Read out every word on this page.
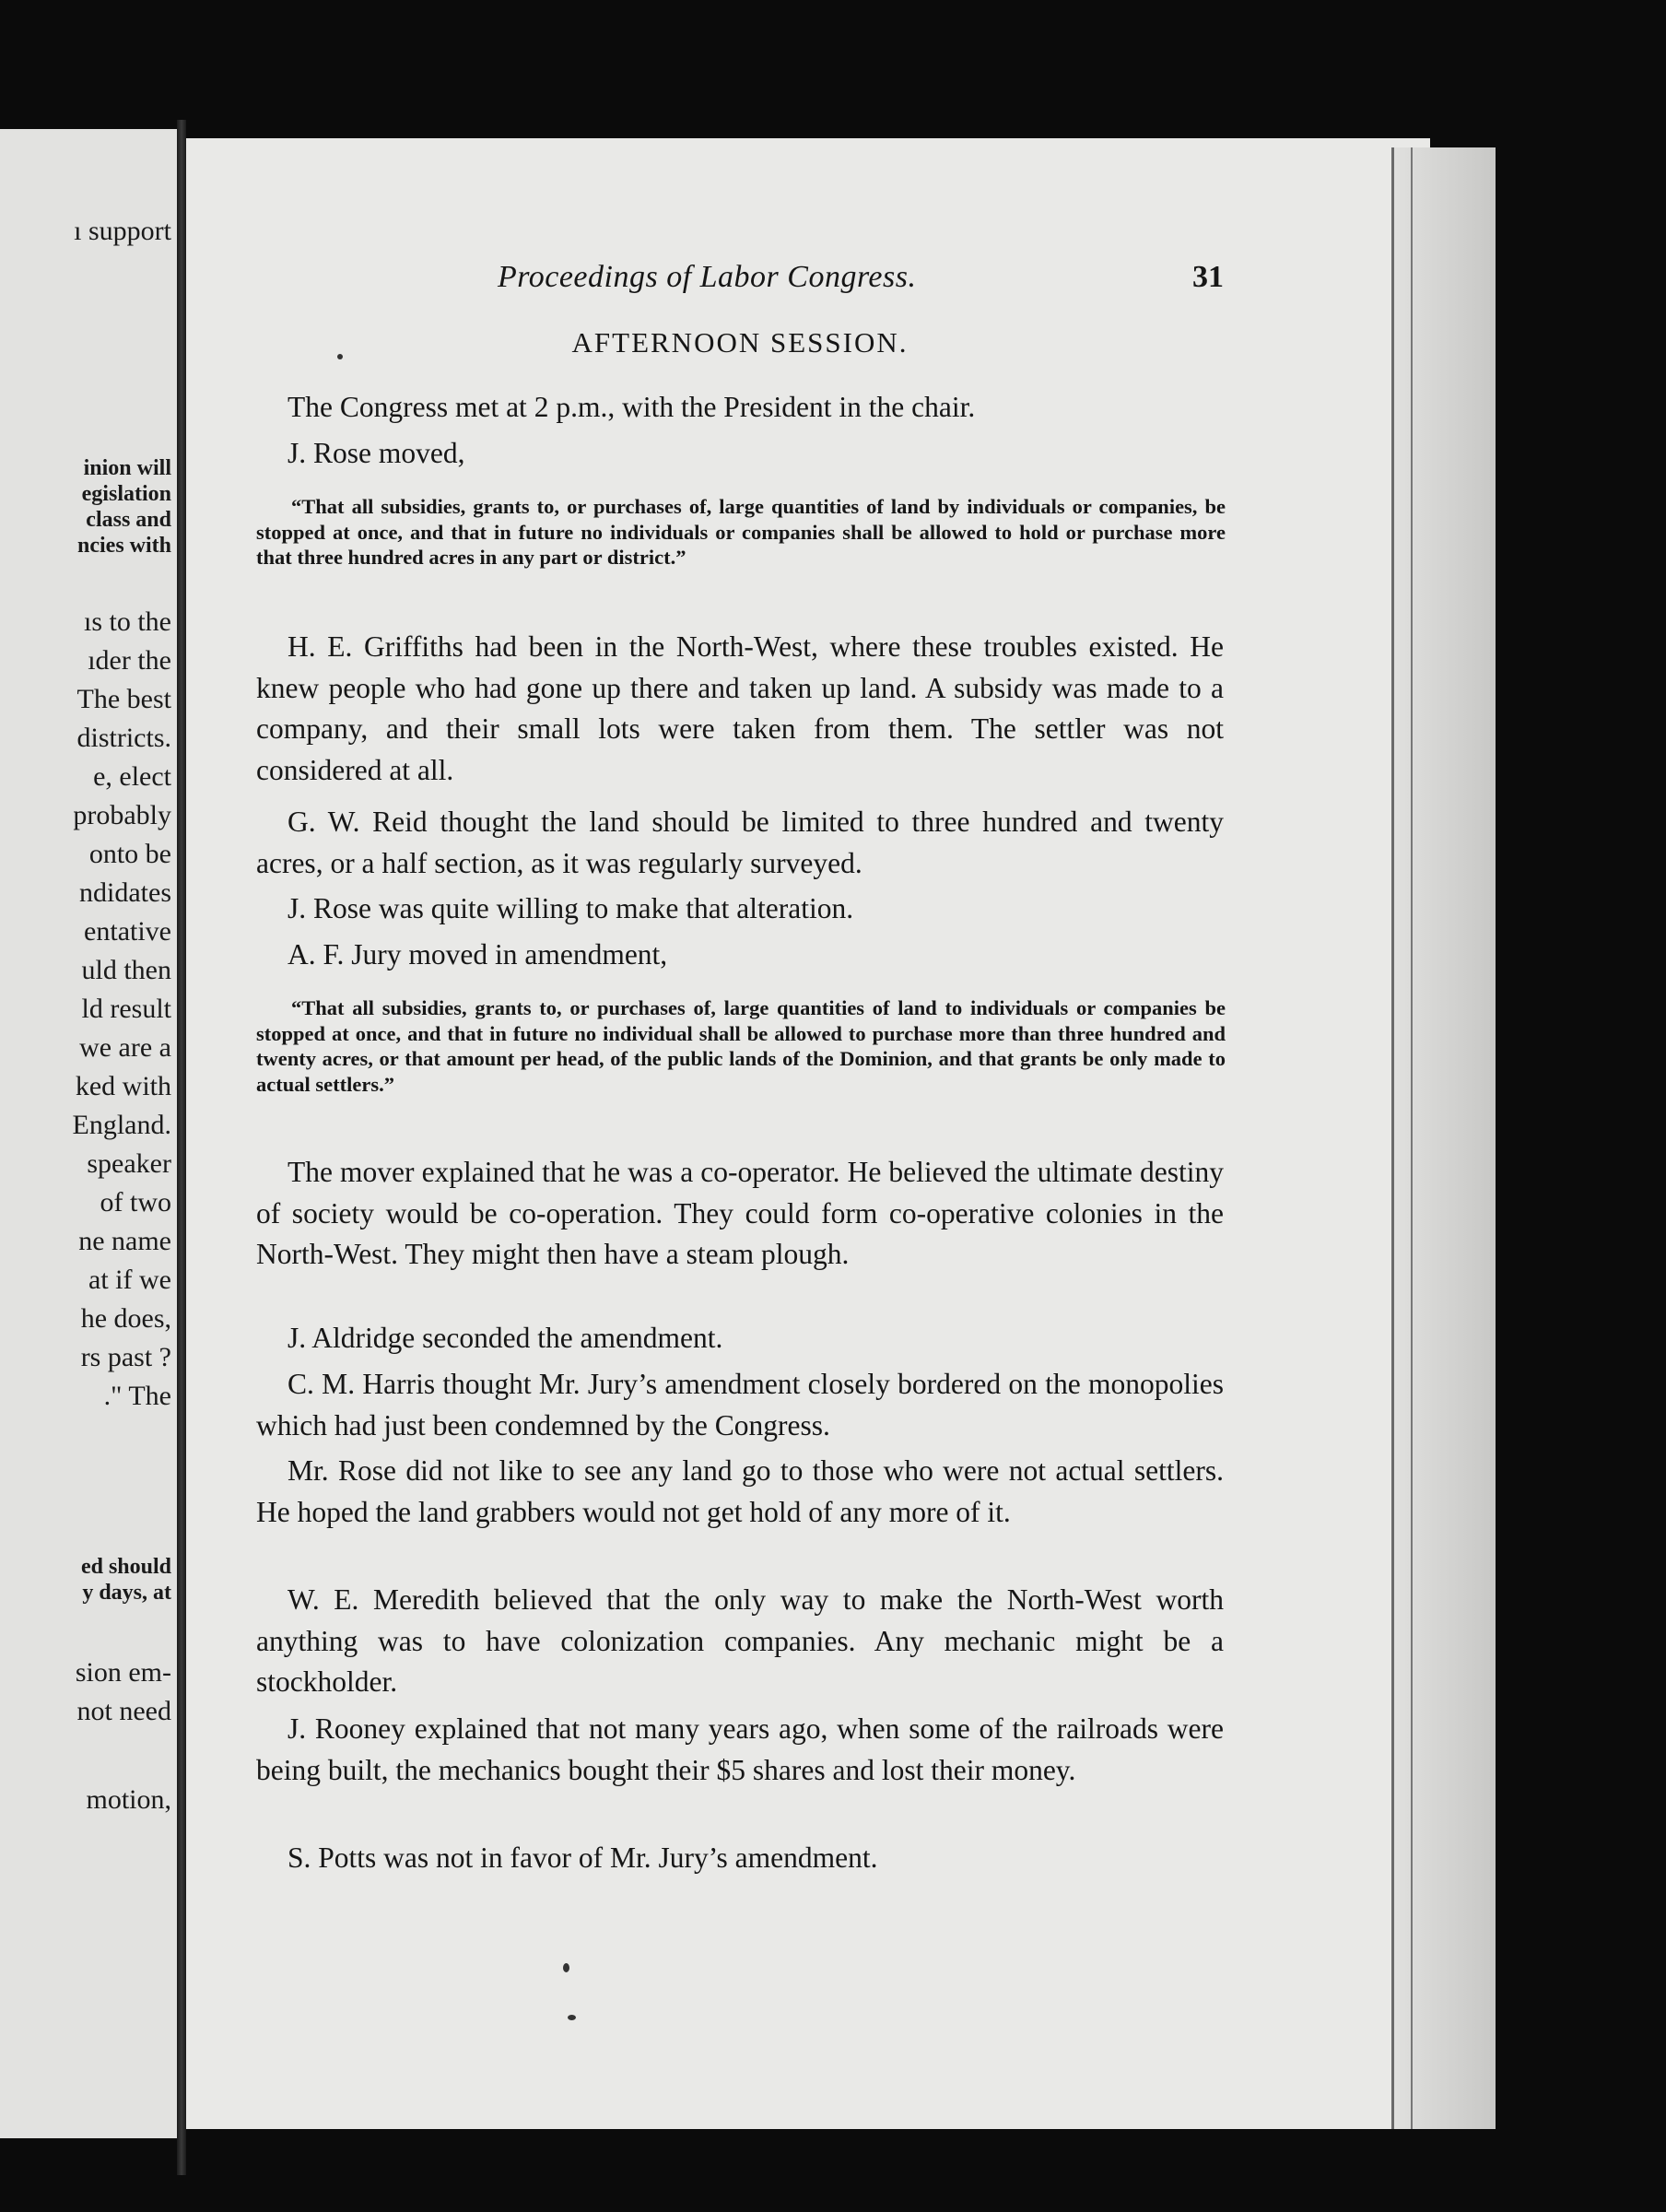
ı support
inion will
egislation
class and
ncies with
ıs to the
ıder the
The best
districts.
e, elect
probably
onto be
ndidates
entative
uld then
ld result
we are a
ked with
England.
speaker
of two
ne name
at if we
he does,
rs past ?
." The
ed should
y days, at
sion em-
not need
motion,
Proceedings of Labor Congress.	31
AFTERNOON SESSION.
The Congress met at 2 p.m., with the President in the chair.
J. Rose moved,
“That all subsidies, grants to, or purchases of, large quantities of land by individuals or companies, be stopped at once, and that in future no individuals or companies shall be allowed to hold or purchase more that three hundred acres in any part or district.”
H. E. Griffiths had been in the North-West, where these troubles existed. He knew people who had gone up there and taken up land. A subsidy was made to a company, and their small lots were taken from them. The settler was not considered at all.
G. W. Reid thought the land should be limited to three hundred and twenty acres, or a half section, as it was regularly surveyed.
J. Rose was quite willing to make that alteration.
A. F. Jury moved in amendment,
“That all subsidies, grants to, or purchases of, large quantities of land to individuals or companies be stopped at once, and that in future no individual shall be allowed to purchase more than three hundred and twenty acres, or that amount per head, of the public lands of the Dominion, and that grants be only made to actual settlers.”
The mover explained that he was a co-operator. He believed the ultimate destiny of society would be co-operation. They could form co-operative colonies in the North-West. They might then have a steam plough.
J. Aldridge seconded the amendment.
C. M. Harris thought Mr. Jury’s amendment closely bordered on the monopolies which had just been condemned by the Congress.
Mr. Rose did not like to see any land go to those who were not actual settlers. He hoped the land grabbers would not get hold of any more of it.
W. E. Meredith believed that the only way to make the North-West worth anything was to have colonization companies. Any mechanic might be a stockholder.
J. Rooney explained that not many years ago, when some of the railroads were being built, the mechanics bought their $5 shares and lost their money.
S. Potts was not in favor of Mr. Jury’s amendment.
